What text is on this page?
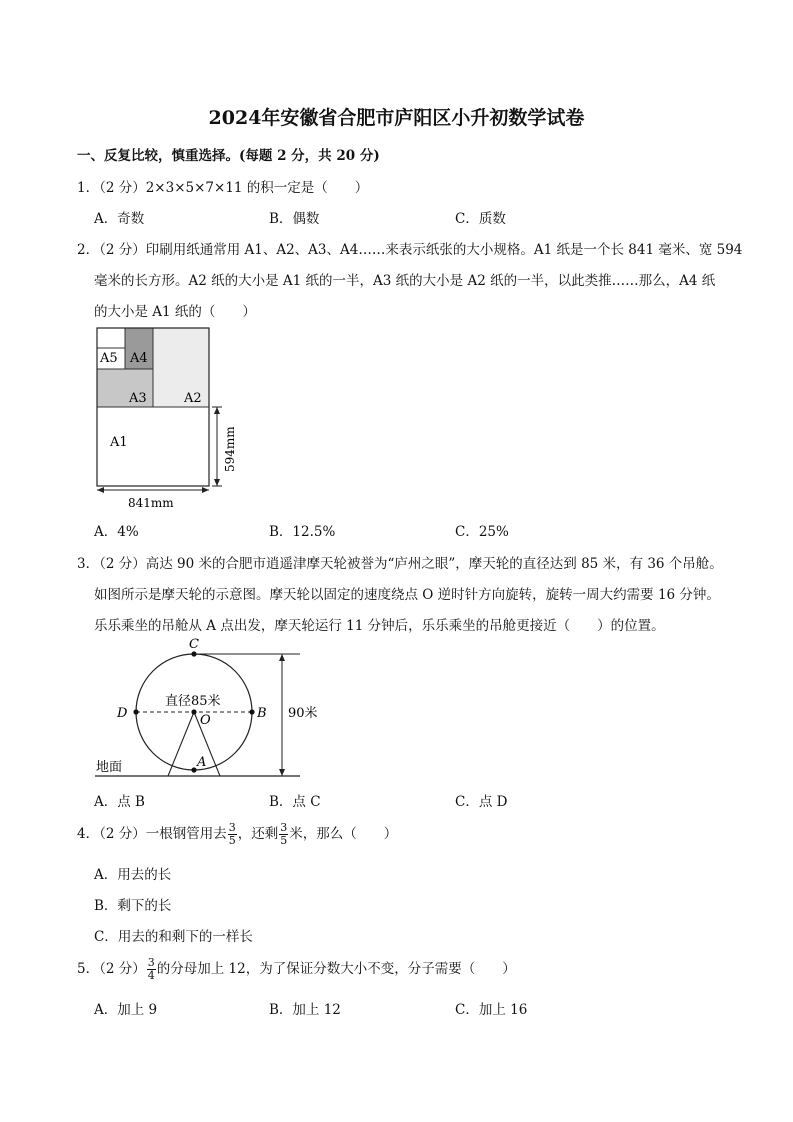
2024年安徽省合肥市庐阳区小升初数学试卷
一、反复比较，慎重选择。(每题 2 分，共 20 分)
1．（2 分）2×3×5×7×11 的积一定是（　　）
A．奇数	B．偶数	C．质数
2．（2 分）印刷用纸通常用 A1、A2、A3、A4……来表示纸张的大小规格。A1 纸是一个长 841 毫米、宽 594
毫米的长方形。A2 纸的大小是 A1 纸的一半，A3 纸的大小是 A2 纸的一半，以此类推……那么，A4 纸
的大小是 A1 纸的（　　）
A5 A4
A3	A2
A1	594mm
841mm
A．4%	B．12.5%	C．25%
3．（2 分）高达 90 米的合肥市逍遥津摩天轮被誉为“庐州之眼”，摩天轮的直径达到 85 米，有 36 个吊舱。
如图所示是摩天轮的示意图。摩天轮以固定的速度绕点 O 逆时针方向旋转，旋转一周大约需要 16 分钟。
乐乐乘坐的吊舱从 A 点出发，摩天轮运行 11 分钟后，乐乐乘坐的吊舱更接近（　　）的位置。
C
D	B
O
A
直径85米
90米
地面
A．点 B	B．点 C	C．点 D
4．（2 分）一根钢管用去 $\frac{3}{5}$ ，还剩 $\frac{3}{5}$ 米，那么（　　）
A．用去的长
B．剩下的长
C．用去的和剩下的一样长
5．（2 分） $\frac{3}{4}$ 的分母加上 12，为了保证分数大小不变，分子需要（　　）
A．加上 9	B．加上 12	C．加上 16
